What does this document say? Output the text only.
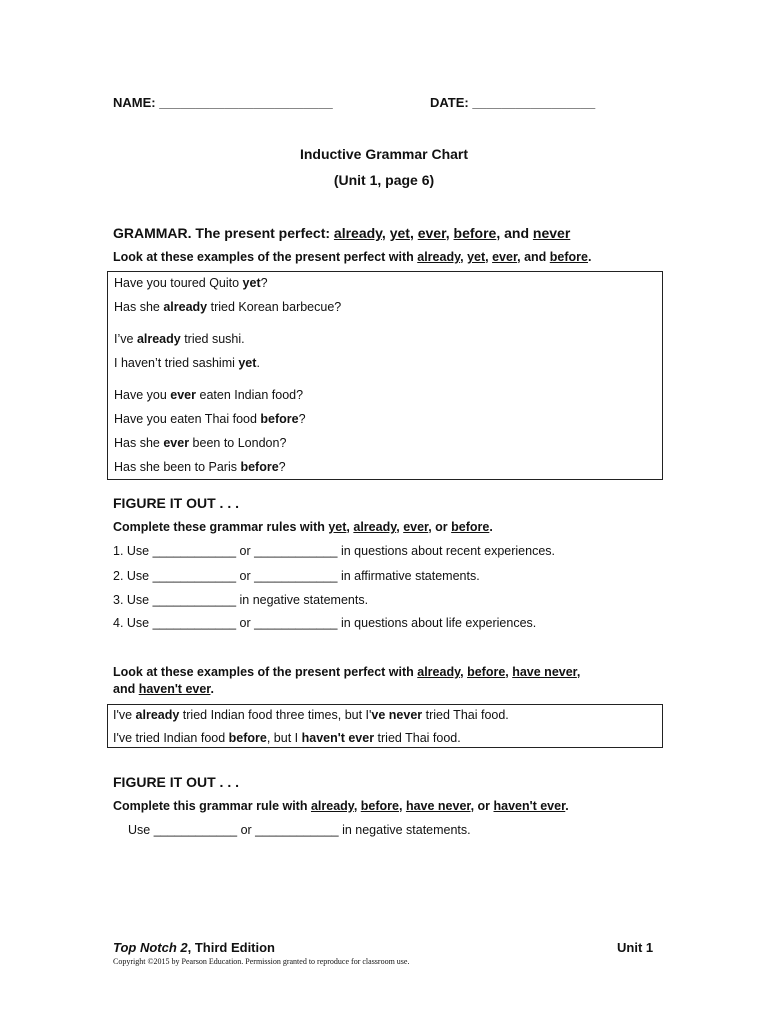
NAME: ________________________	DATE: _________________
Inductive Grammar Chart
(Unit 1, page 6)
GRAMMAR. The present perfect: already, yet, ever, before, and never
Look at these examples of the present perfect with already, yet, ever, and before.
Have you toured Quito yet?
Has she already tried Korean barbecue?
I’ve already tried sushi.
I haven’t tried sashimi yet.
Have you ever eaten Indian food?
Have you eaten Thai food before?
Has she ever been to London?
Has she been to Paris before?
FIGURE IT OUT . . .
Complete these grammar rules with yet, already, ever, or before.
1. Use ____________ or ____________ in questions about recent experiences.
2. Use ____________ or ____________ in affirmative statements.
3. Use ____________ in negative statements.
4. Use ____________ or ____________ in questions about life experiences.
Look at these examples of the present perfect with already, before, have never,
and haven't ever.
I've already tried Indian food three times, but I've never tried Thai food.
I've tried Indian food before, but I haven't ever tried Thai food.
FIGURE IT OUT . . .
Complete this grammar rule with already, before, have never, or haven't ever.
Use ____________ or ____________ in negative statements.
Top Notch 2, Third Edition	Unit 1
Copyright ©2015 by Pearson Education. Permission granted to reproduce for classroom use.
